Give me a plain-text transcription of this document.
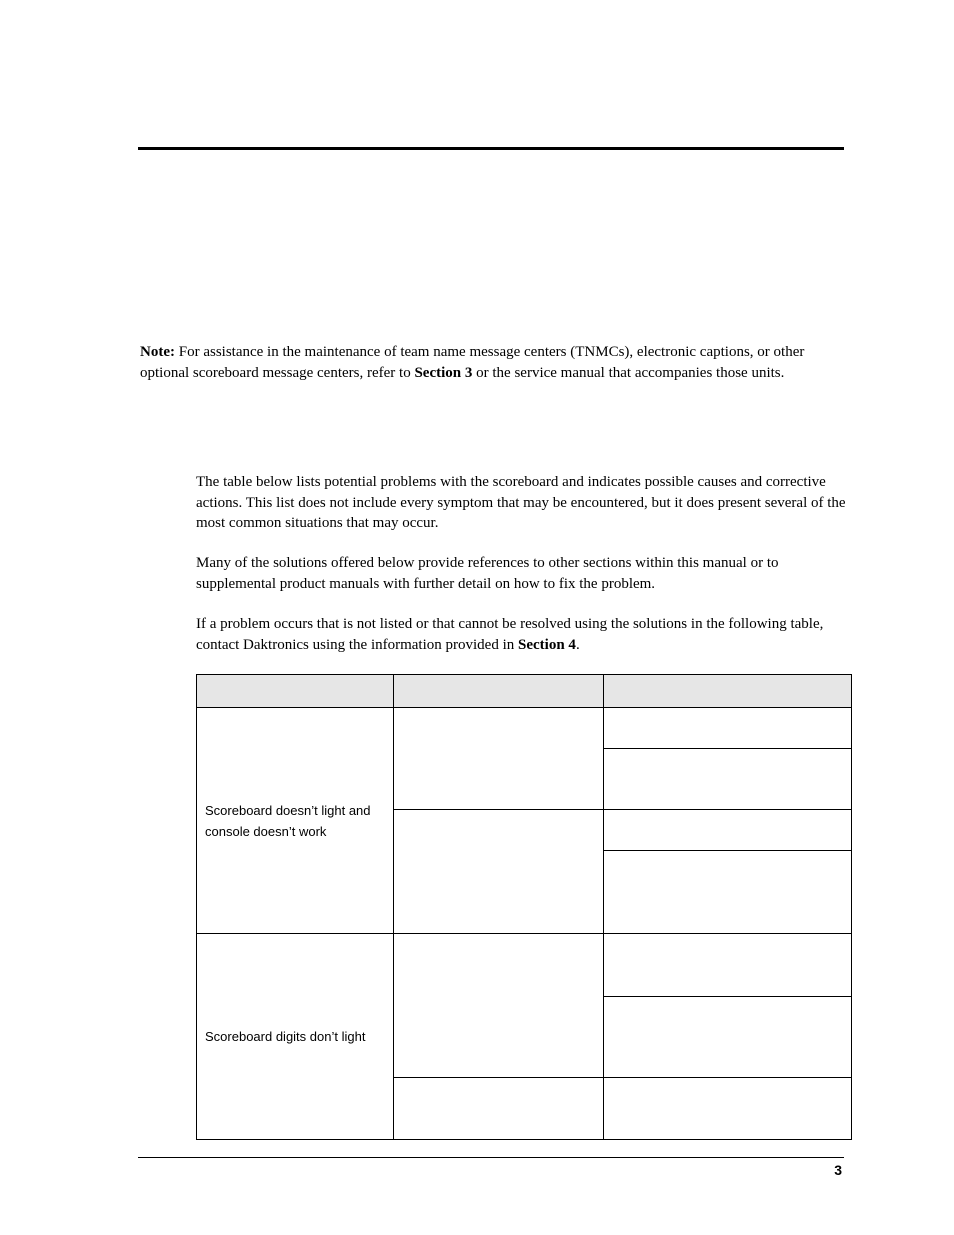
Note: For assistance in the maintenance of team name message centers (TNMCs), electronic captions, or other optional scoreboard message centers, refer to Section 3 or the service manual that accompanies those units.

The table below lists potential problems with the scoreboard and indicates possible causes and corrective actions. This list does not include every symptom that may be encountered, but it does present several of the most common situations that may occur.

Many of the solutions offered below provide references to other sections within this manual or to supplemental product manuals with further detail on how to fix the problem.

If a problem occurs that is not listed or that cannot be resolved using the solutions in the following table, contact Daktronics using the information provided in Section 4.

Scoreboard doesn’t light and console doesn’t work		

Scoreboard digits don’t light		

3
